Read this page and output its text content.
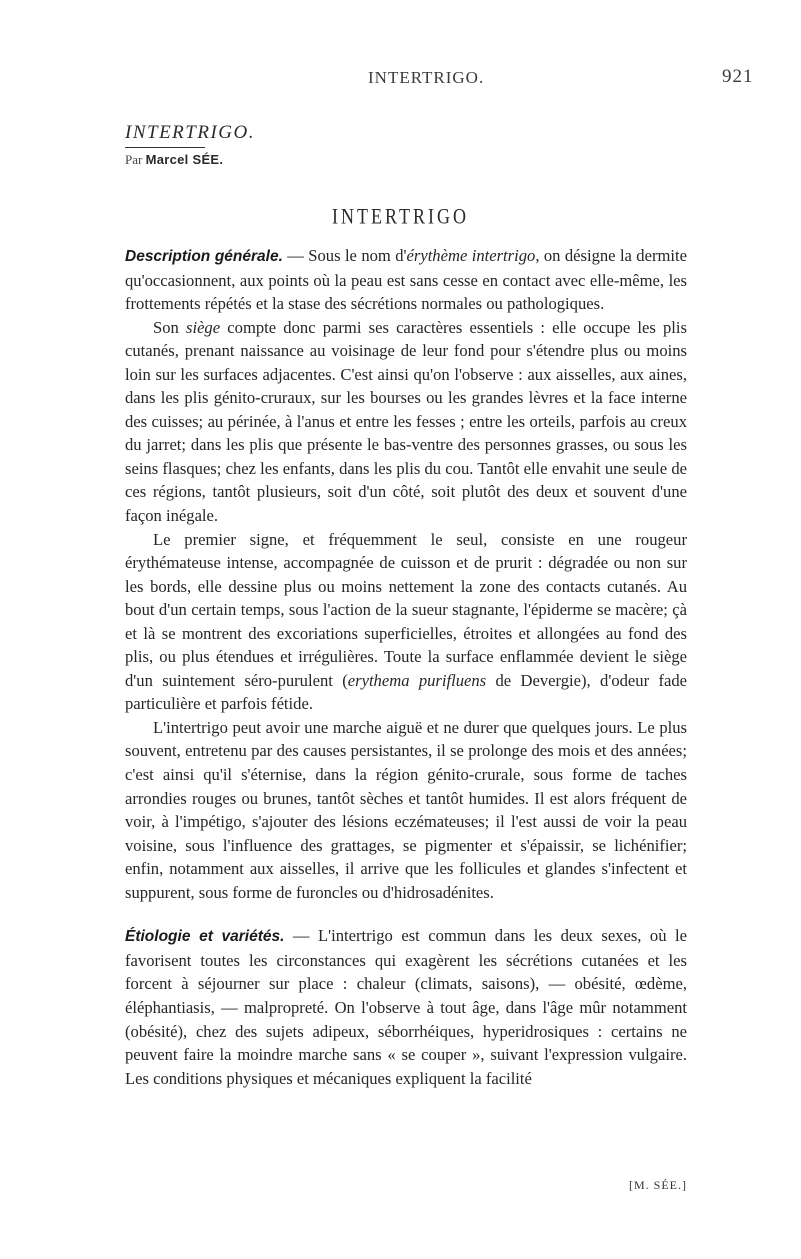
INTERTRIGO.	921
INTERTRIGO.
Par Marcel SÉE.
INTERTRIGO

Description générale. — Sous le nom d'érythème intertrigo, on désigne la dermite qu'occasionnent, aux points où la peau est sans cesse en contact avec elle-même, les frottements répétés et la stase des sécrétions normales ou pathologiques.

Son siège compte donc parmi ses caractères essentiels : elle occupe les plis cutanés, prenant naissance au voisinage de leur fond pour s'étendre plus ou moins loin sur les surfaces adjacentes. C'est ainsi qu'on l'observe : aux aisselles, aux aines, dans les plis génito-cruraux, sur les bourses ou les grandes lèvres et la face interne des cuisses; au périnée, à l'anus et entre les fesses ; entre les orteils, parfois au creux du jarret; dans les plis que présente le bas-ventre des personnes grasses, ou sous les seins flasques; chez les enfants, dans les plis du cou. Tantôt elle envahit une seule de ces régions, tantôt plusieurs, soit d'un côté, soit plutôt des deux et souvent d'une façon inégale.

Le premier signe, et fréquemment le seul, consiste en une rougeur érythémateuse intense, accompagnée de cuisson et de prurit : dégradée ou non sur les bords, elle dessine plus ou moins nettement la zone des contacts cutanés. Au bout d'un certain temps, sous l'action de la sueur stagnante, l'épiderme se macère; çà et là se montrent des excoriations superficielles, étroites et allongées au fond des plis, ou plus étendues et irrégulières. Toute la surface enflammée devient le siège d'un suintement séro-purulent (erythema purifluens de Devergie), d'odeur fade particulière et parfois fétide.

L'intertrigo peut avoir une marche aiguë et ne durer que quelques jours. Le plus souvent, entretenu par des causes persistantes, il se prolonge des mois et des années; c'est ainsi qu'il s'éternise, dans la région génito-crurale, sous forme de taches arrondies rouges ou brunes, tantôt sèches et tantôt humides. Il est alors fréquent de voir, à l'impétigo, s'ajouter des lésions eczémateuses; il l'est aussi de voir la peau voisine, sous l'influence des grattages, se pigmenter et s'épaissir, se lichénifier; enfin, notamment aux aisselles, il arrive que les follicules et glandes s'infectent et suppurent, sous forme de furoncles ou d'hidrosadénites.

Étiologie et variétés. — L'intertrigo est commun dans les deux sexes, où le favorisent toutes les circonstances qui exagèrent les sécrétions cutanées et les forcent à séjourner sur place : chaleur (climats, saisons), — obésité, œdème, éléphantiasis, — malpropreté. On l'observe à tout âge, dans l'âge mûr notamment (obésité), chez des sujets adipeux, séborrhéiques, hyperidrosiques : certains ne peuvent faire la moindre marche sans « se couper », suivant l'expression vulgaire. Les conditions physiques et mécaniques expliquent la facilité

[M. SÉE.]
